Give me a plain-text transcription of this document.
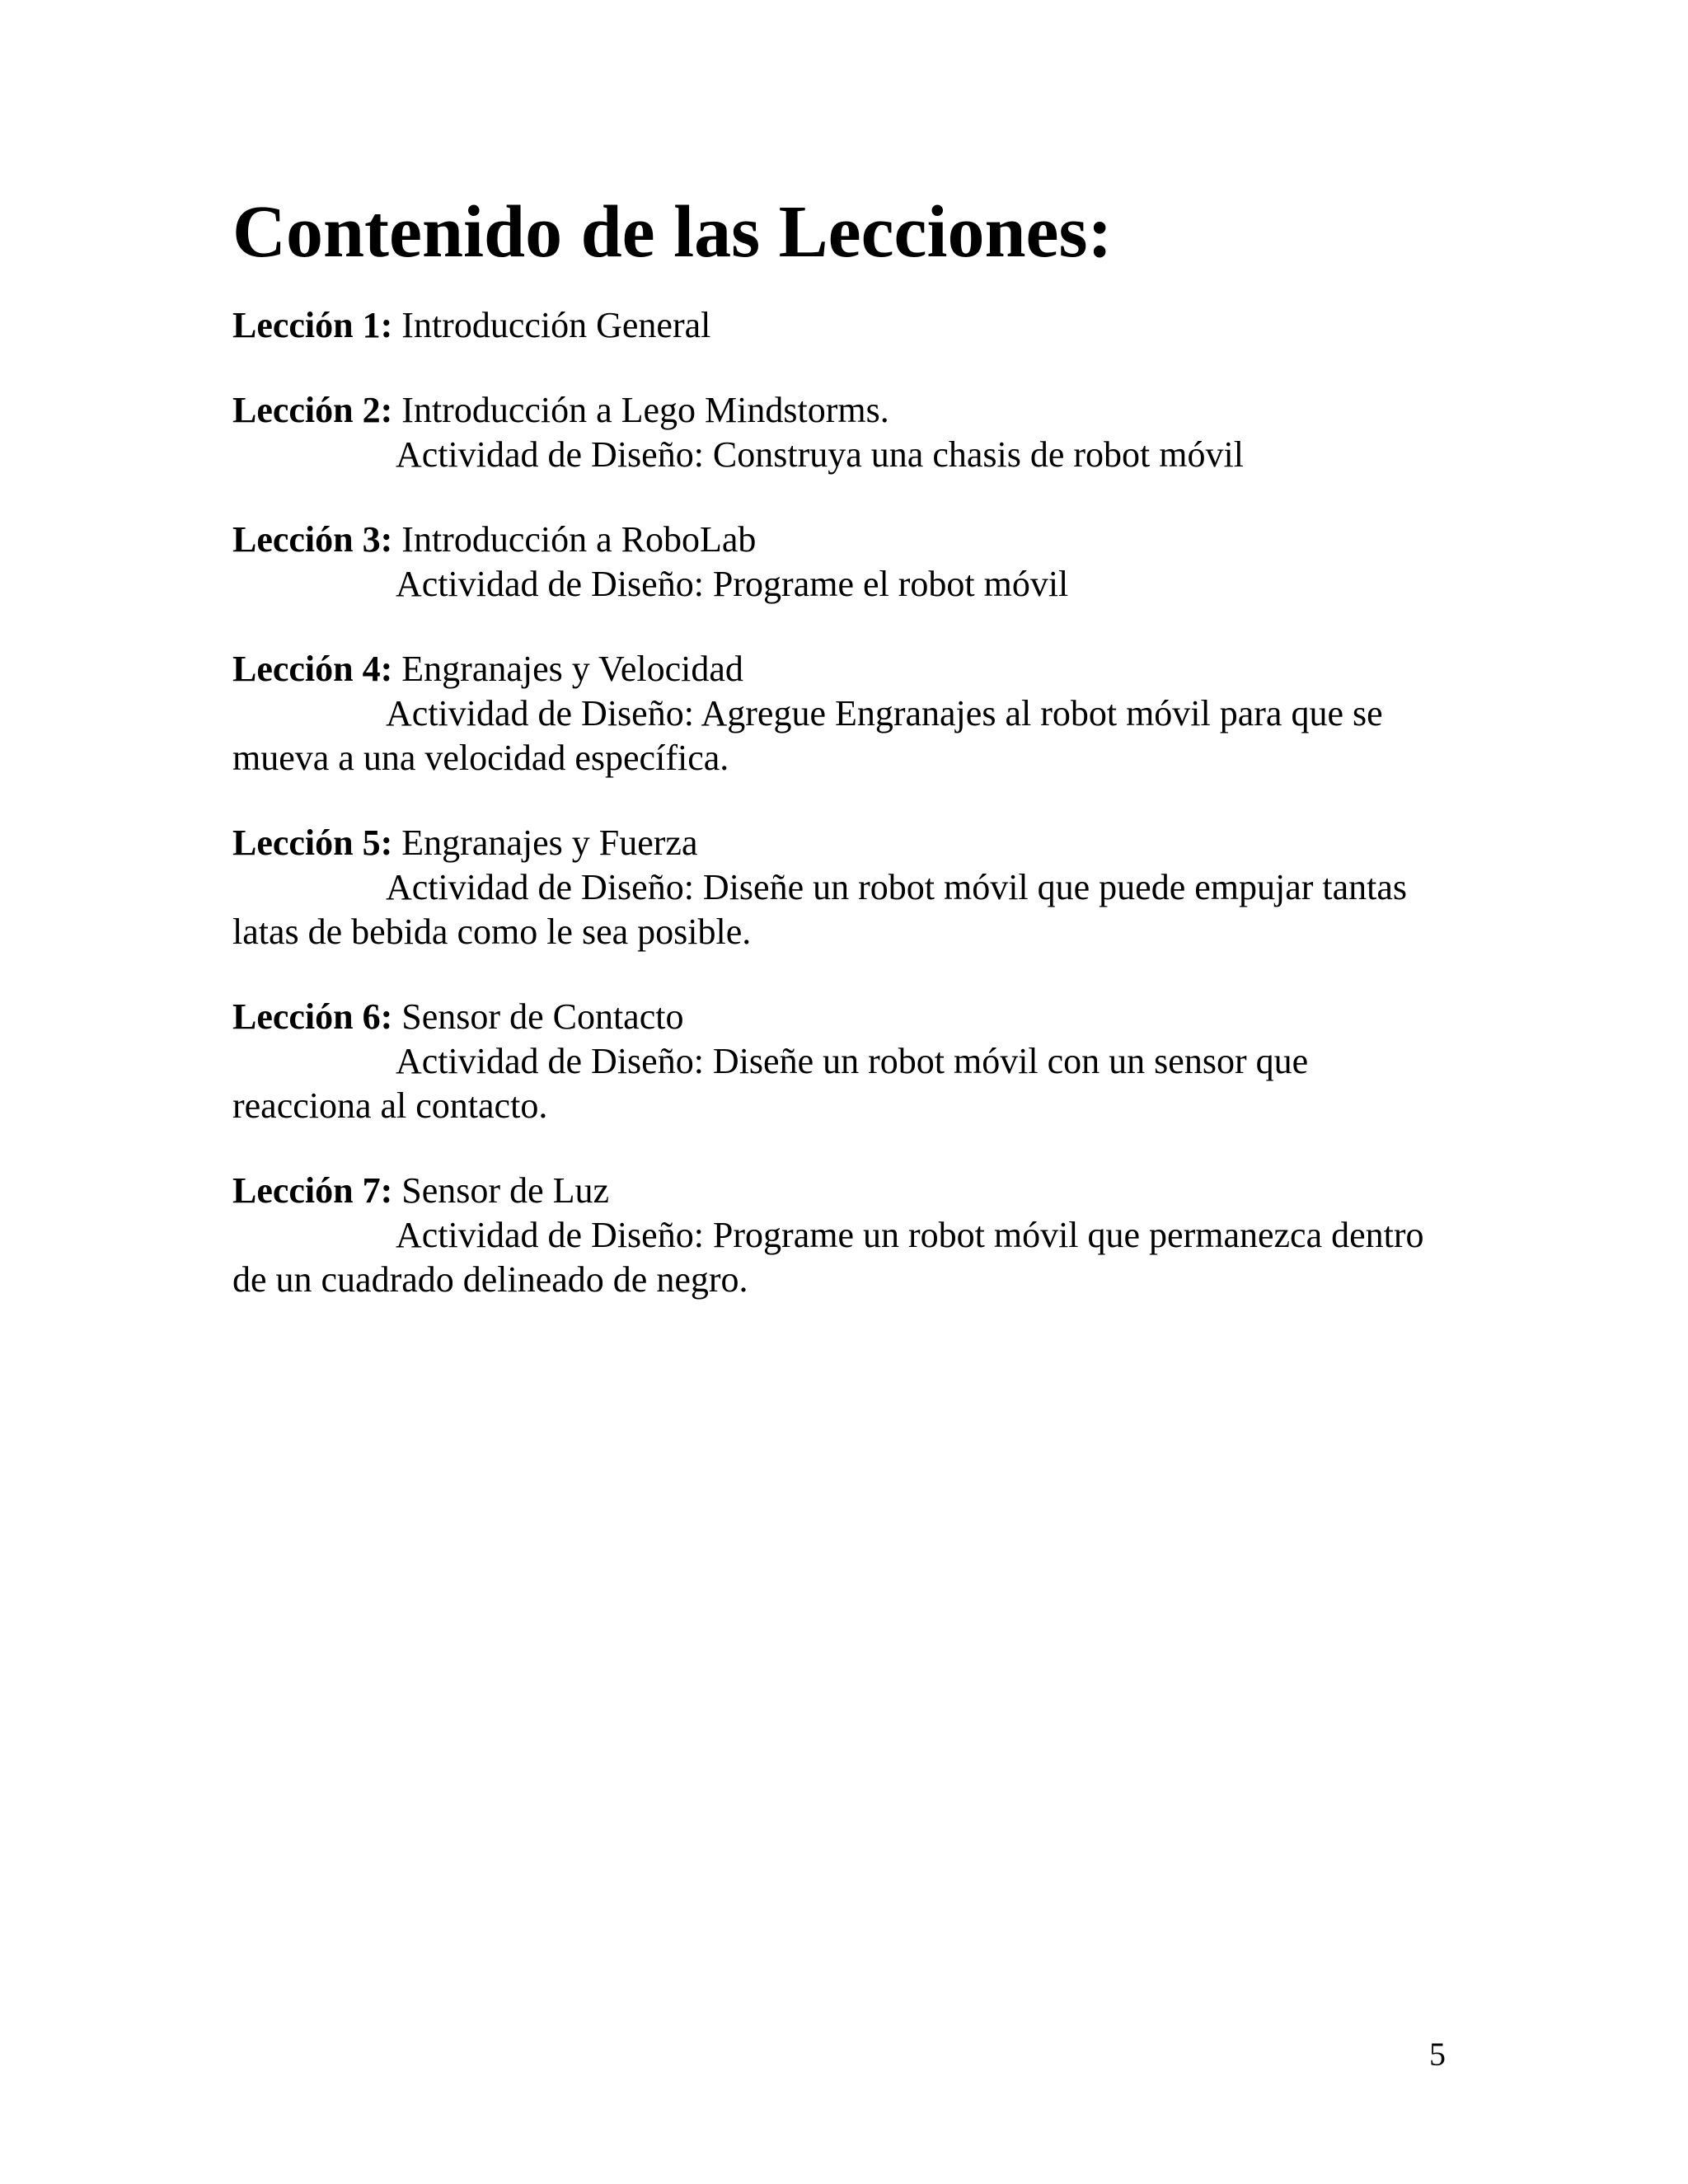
Contenido de las Lecciones:
Lección 1: Introducción General
Lección 2: Introducción a Lego Mindstorms.
Actividad de Diseño: Construya una chasis de robot móvil
Lección 3: Introducción a RoboLab
Actividad de Diseño: Programe el robot móvil
Lección 4: Engranajes y Velocidad
Actividad de Diseño: Agregue Engranajes al robot móvil para que se mueva a una velocidad específica.
Lección 5: Engranajes y Fuerza
Actividad de Diseño: Diseñe un robot móvil que puede empujar tantas latas de bebida como le sea posible.
Lección 6: Sensor de Contacto
Actividad de Diseño: Diseñe un robot móvil con un sensor que reacciona al contacto.
Lección 7: Sensor de Luz
Actividad de Diseño: Programe un robot móvil que permanezca dentro de un cuadrado delineado de negro.
5
